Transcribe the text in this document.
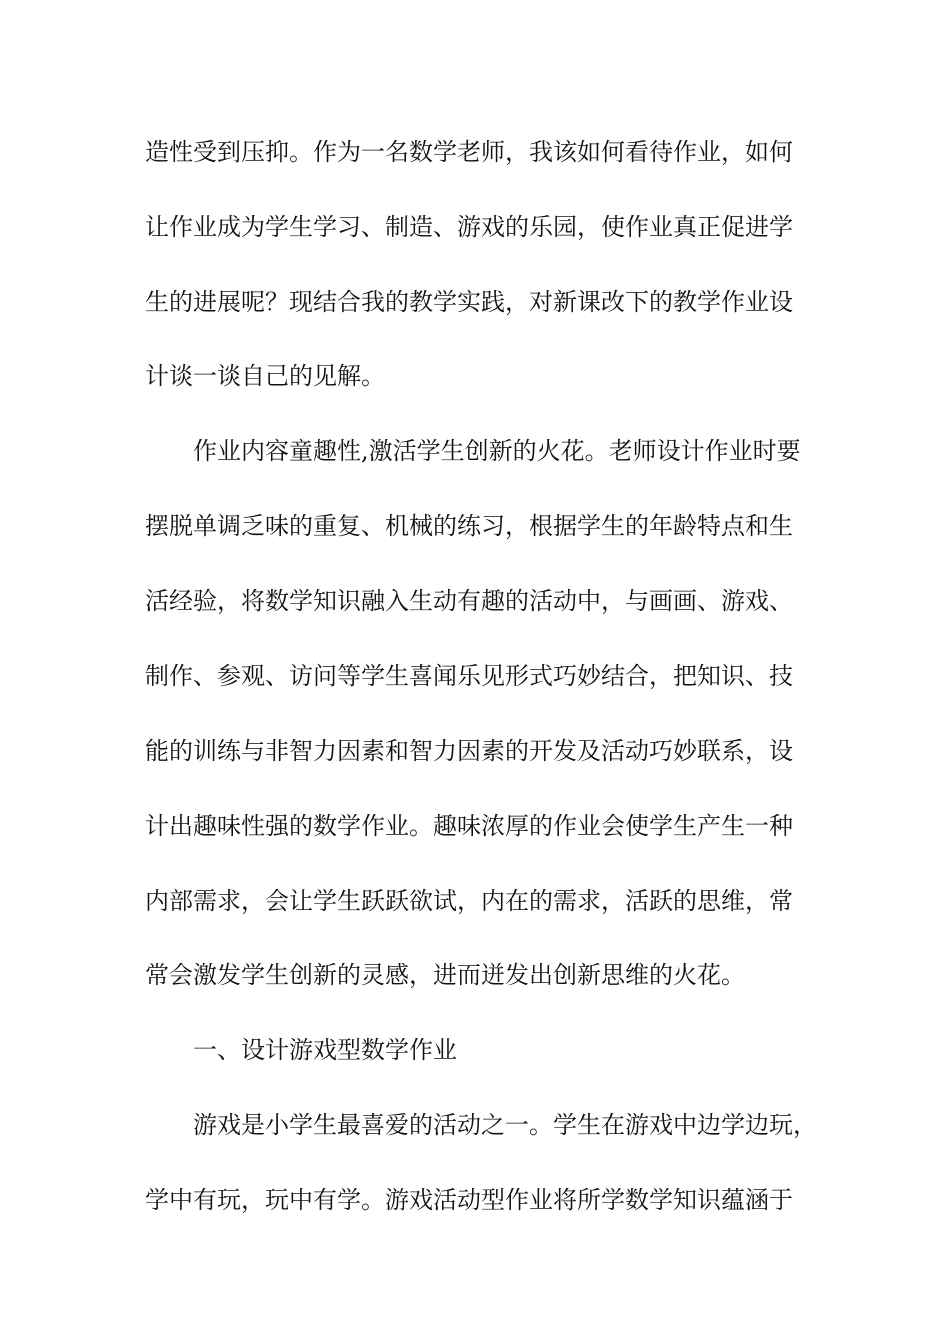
造性受到压抑。作为一名数学老师，我该如何看待作业，如何

让作业成为学生学习、制造、游戏的乐园，使作业真正促进学

生的进展呢？现结合我的教学实践，对新课改下的教学作业设

计谈一谈自己的见解。

作业内容童趣性,激活学生创新的火花。老师设计作业时要

摆脱单调乏味的重复、机械的练习，根据学生的年龄特点和生

活经验，将数学知识融入生动有趣的活动中，与画画、游戏、

制作、参观、访问等学生喜闻乐见形式巧妙结合，把知识、技

能的训练与非智力因素和智力因素的开发及活动巧妙联系，设

计出趣味性强的数学作业。趣味浓厚的作业会使学生产生一种

内部需求，会让学生跃跃欲试，内在的需求，活跃的思维，常

常会激发学生创新的灵感，进而迸发出创新思维的火花。

一、设计游戏型数学作业

游戏是小学生最喜爱的活动之一。学生在游戏中边学边玩，

学中有玩，玩中有学。游戏活动型作业将所学数学知识蕴涵于
